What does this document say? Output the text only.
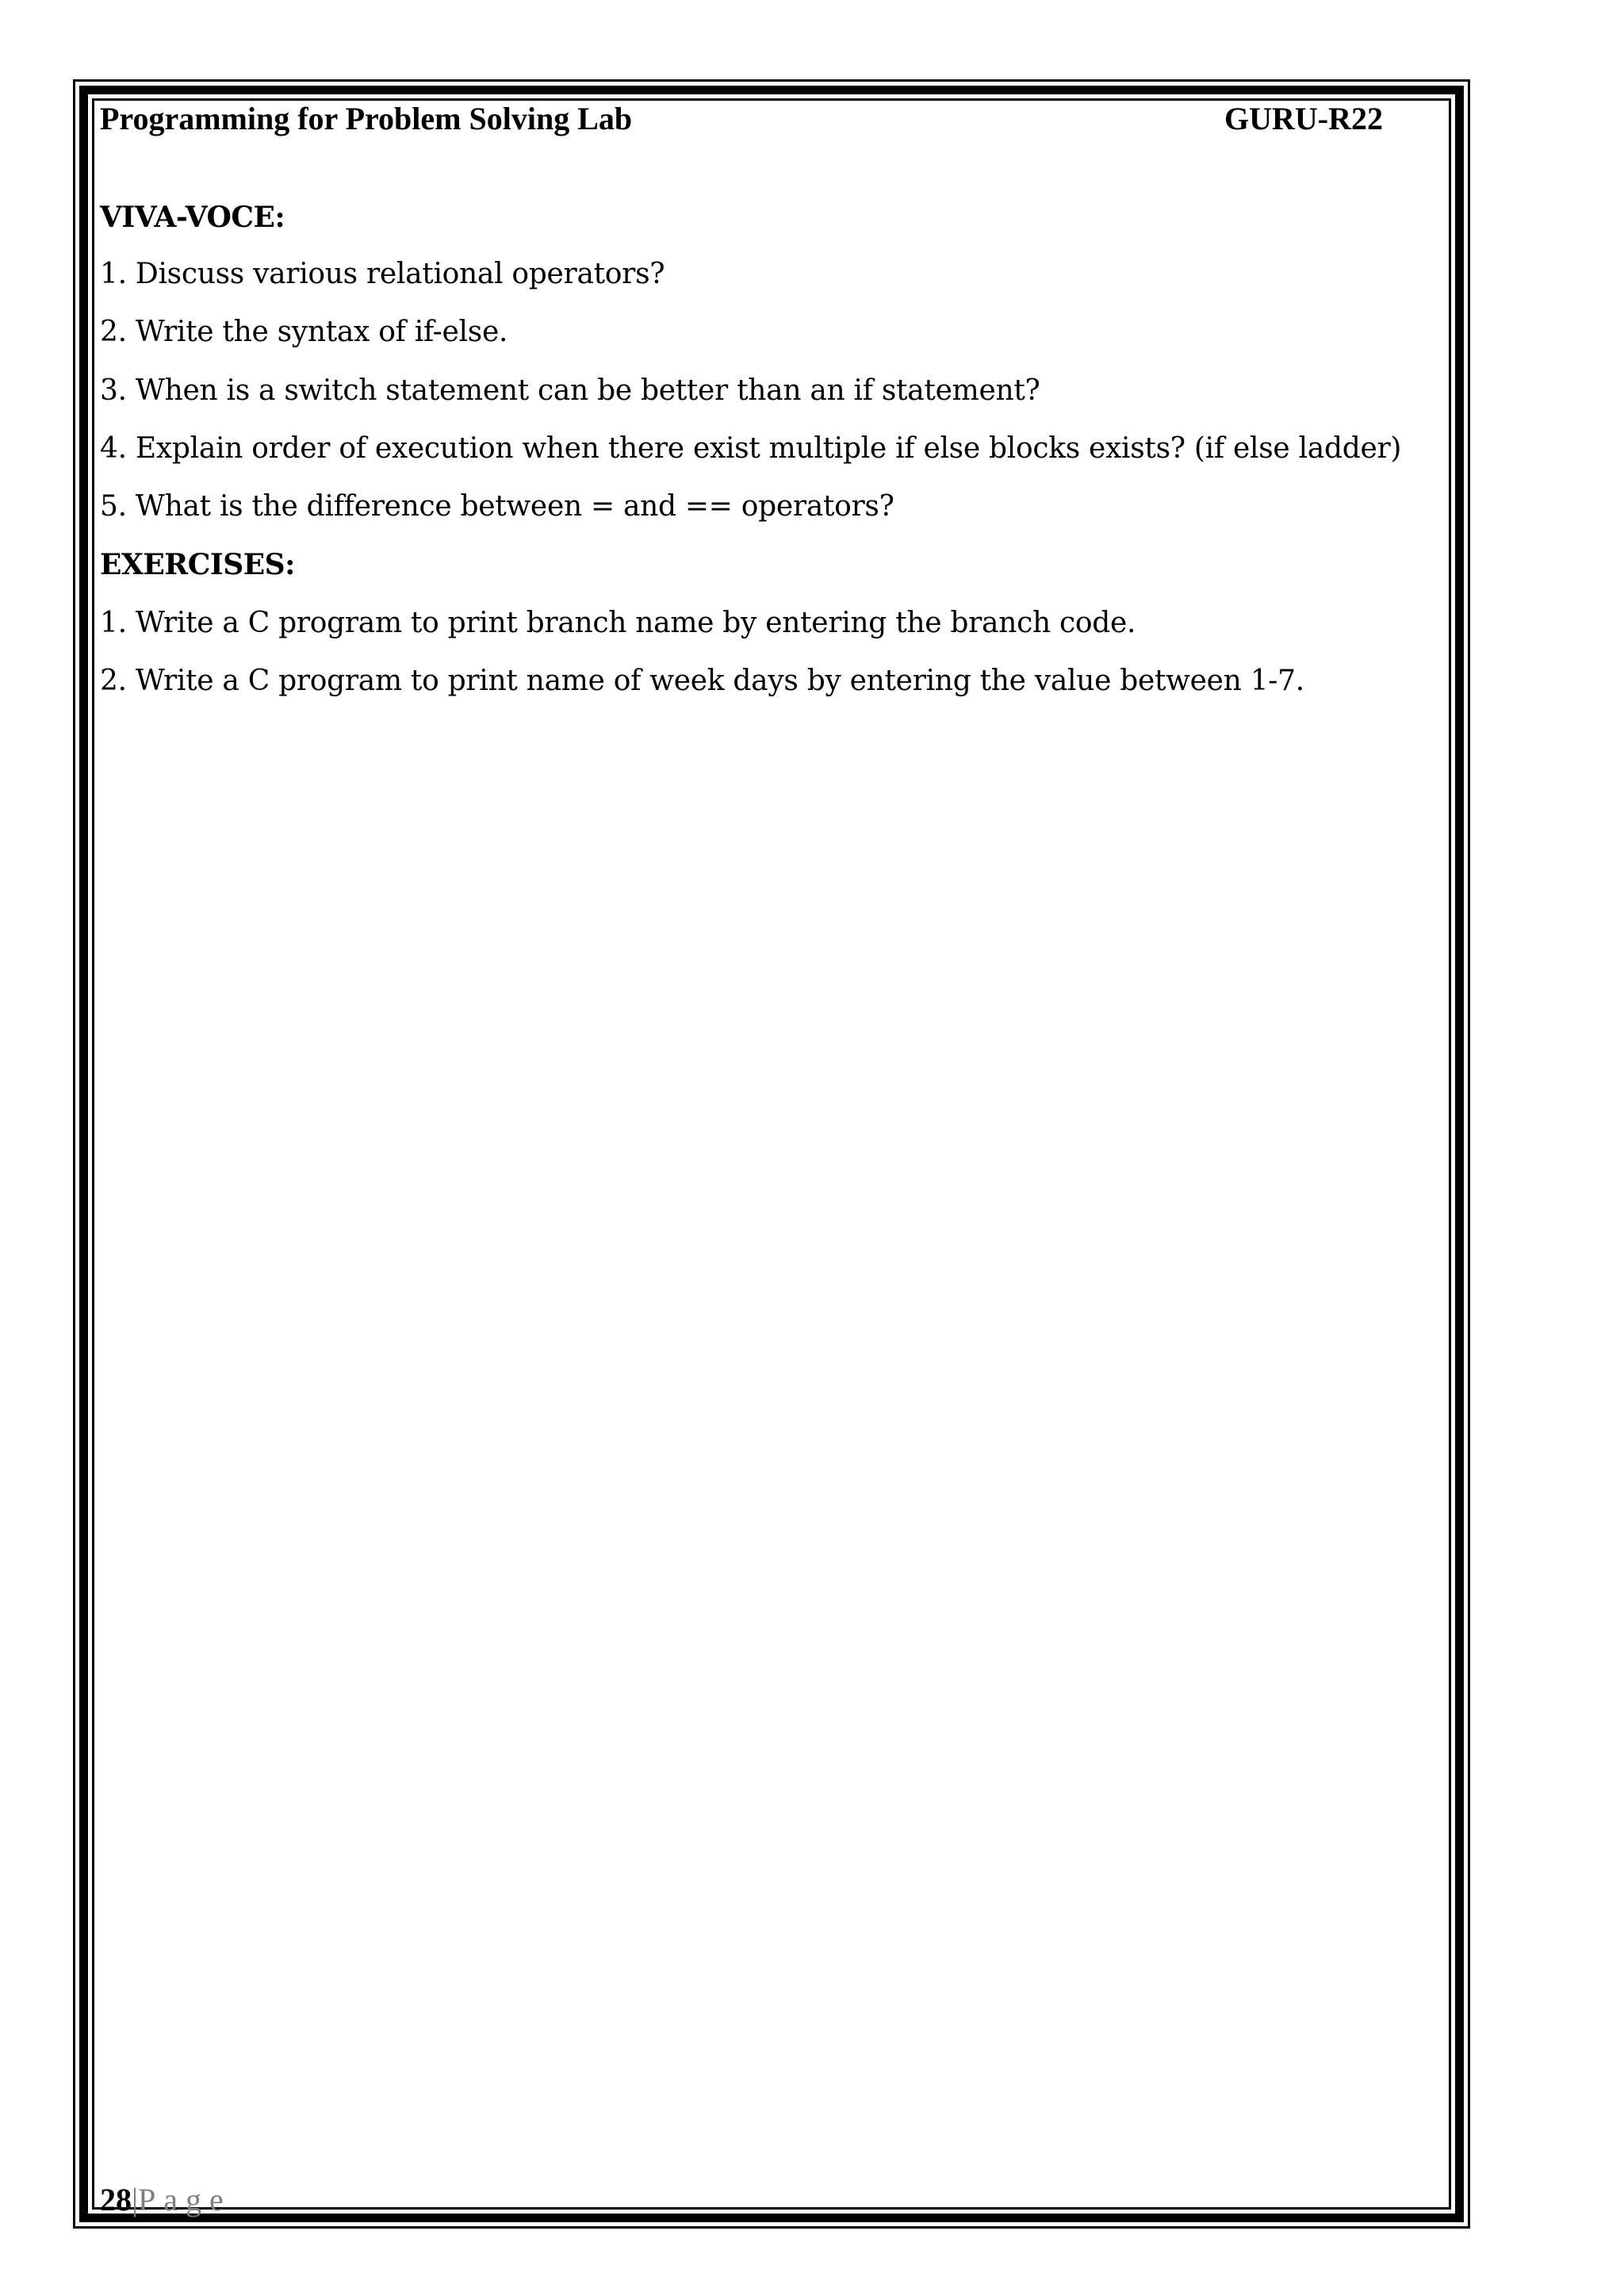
Programming for Problem Solving Lab	GURU-R22
VIVA-VOCE:
1. Discuss various relational operators?
2. Write the syntax of if-else.
3. When is a switch statement can be better than an if statement?
4. Explain order of execution when there exist multiple if else blocks exists? (if else ladder)
5. What is the difference between = and == operators?
EXERCISES:
1. Write a C program to print branch name by entering the branch code.
2. Write a C program to print name of week days by entering the value between 1-7.
28|Page
